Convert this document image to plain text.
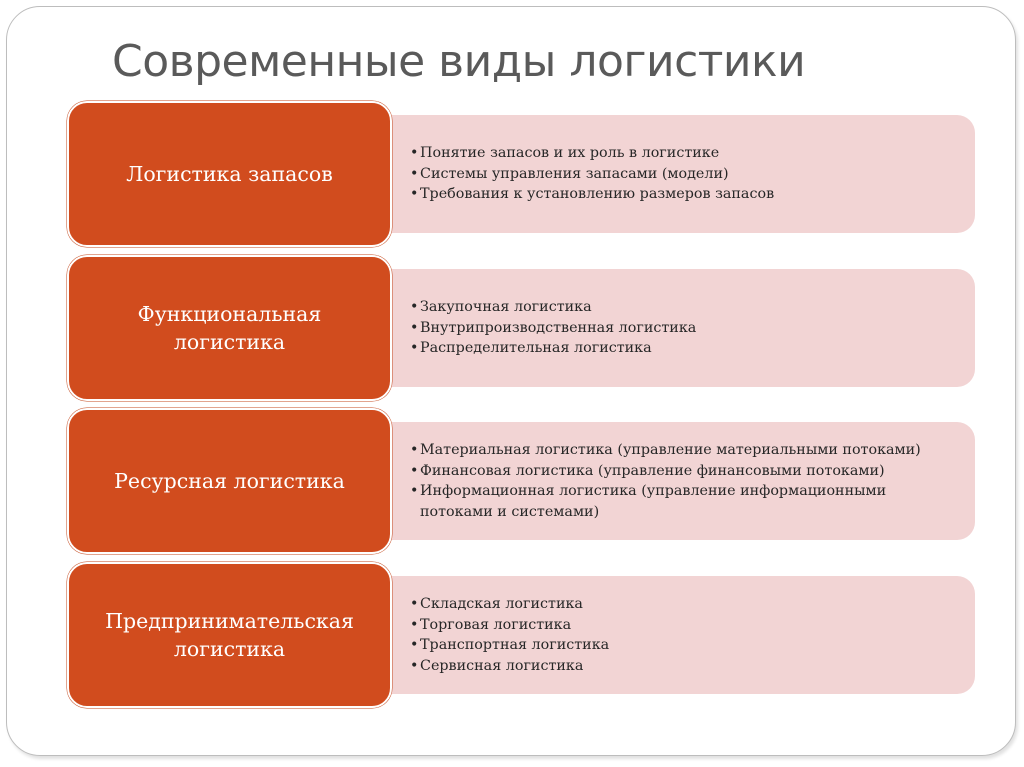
Современные виды логистики
• Понятие запасов и их роль в логистике
• Системы управления запасами (модели)
• Требования к установлению размеров запасов
Логистика запасов
• Закупочная логистика
• Внутрипроизводственная логистика
• Распределительная логистика
Функциональная логистика
• Материальная логистика (управление материальными потоками)
• Финансовая логистика (управление финансовыми потоками)
• Информационная логистика (управление информационными потоками и системами)
Ресурсная логистика
• Складская логистика
• Торговая логистика
• Транспортная логистика
• Сервисная логистика
Предпринимательская логистика
